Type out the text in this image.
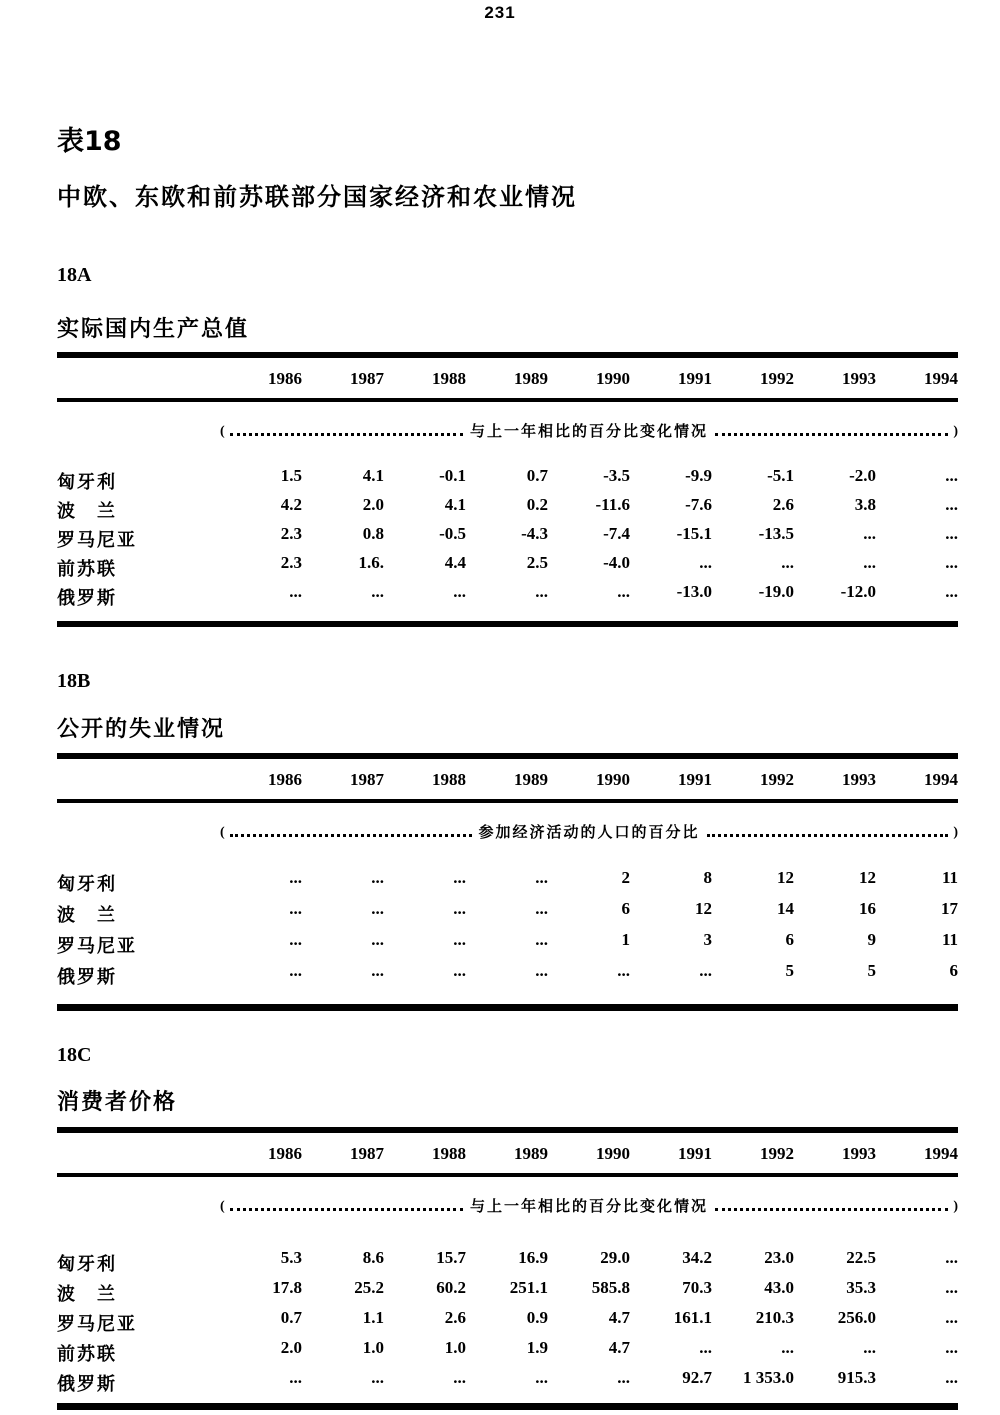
231
表18
中欧、东欧和前苏联部分国家经济和农业情况
18A
实际国内生产总值
1986	1987	1988	1989	1990	1991	1992	1993	1994
(	与上一年相比的百分比变化情况	)
匈牙利	1.5	4.1	-0.1	0.7	-3.5	-9.9	-5.1	-2.0	...
波　兰	4.2	2.0	4.1	0.2	-11.6	-7.6	2.6	3.8	...
罗马尼亚	2.3	0.8	-0.5	-4.3	-7.4	-15.1	-13.5	...	...
前苏联	2.3	1.6.	4.4	2.5	-4.0	...	...	...	...
俄罗斯	...	...	...	...	...	-13.0	-19.0	-12.0	...
18B
公开的失业情况
1986	1987	1988	1989	1990	1991	1992	1993	1994
(	参加经济活动的人口的百分比	)
匈牙利	...	...	...	...	2	8	12	12	11
波　兰	...	...	...	...	6	12	14	16	17
罗马尼亚	...	...	...	...	1	3	6	9	11
俄罗斯	...	...	...	...	...	...	5	5	6
18C
消费者价格
1986	1987	1988	1989	1990	1991	1992	1993	1994
(	与上一年相比的百分比变化情况	)
匈牙利	5.3	8.6	15.7	16.9	29.0	34.2	23.0	22.5	...
波　兰	17.8	25.2	60.2	251.1	585.8	70.3	43.0	35.3	...
罗马尼亚	0.7	1.1	2.6	0.9	4.7	161.1	210.3	256.0	...
前苏联	2.0	1.0	1.0	1.9	4.7	...	...	...	...
俄罗斯	...	...	...	...	...	92.7	1 353.0	915.3	...
